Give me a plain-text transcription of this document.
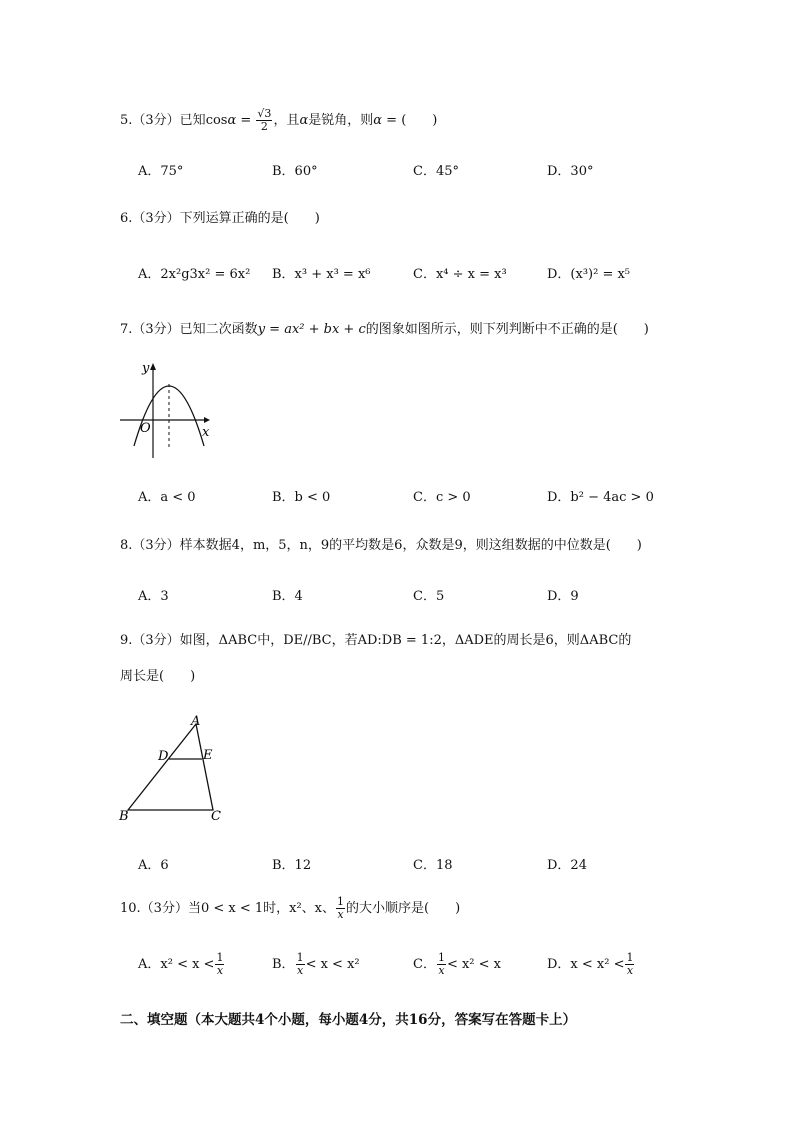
5.（3分）已知$\cos\alpha = \frac{√3}{2}$ ，且α是锐角，则α = (　　)
A．75°	B．60°	C．45°	D．30°
6.（3分）下列运算正确的是(　　)
A．2x²g3x² = 6x² B．x³ + x³ = x⁶	C．x⁴ ÷ x = x³	D．(x³)² = x⁵
7.（3分）已知二次函数y = ax² + bx + c的图象如图所示，则下列判断中不正确的是(　　)
y
O	x
A．a < 0	B．b < 0	C．c > 0	D．b² − 4ac > 0
8.（3分）样本数据4，m，5，n，9的平均数是6，众数是9，则这组数据的中位数是(　　)
A．3	B．4	C．5	D．9
9.（3分）如图，ΔABC中，DE//BC，若AD:DB = 1:2，ΔADE的周长是6，则ΔABC的
周长是(　　)
A
D	E
B	C
A．6	B．12	C．18	D．24
10.（3分）当0 < x < 1时，x²、x、 $\frac{1}{x}$ 的大小顺序是(　　)
A．$x^2 < x < \frac{1}{x}$	B． $\frac{1}{x} < x < x^2$	C． $\frac{1}{x} < x^2 < x$	D．$x < x^2 < \frac{1}{x}$
二、填空题（本大题共4个小题，每小题4分，共16分，答案写在答题卡上）
